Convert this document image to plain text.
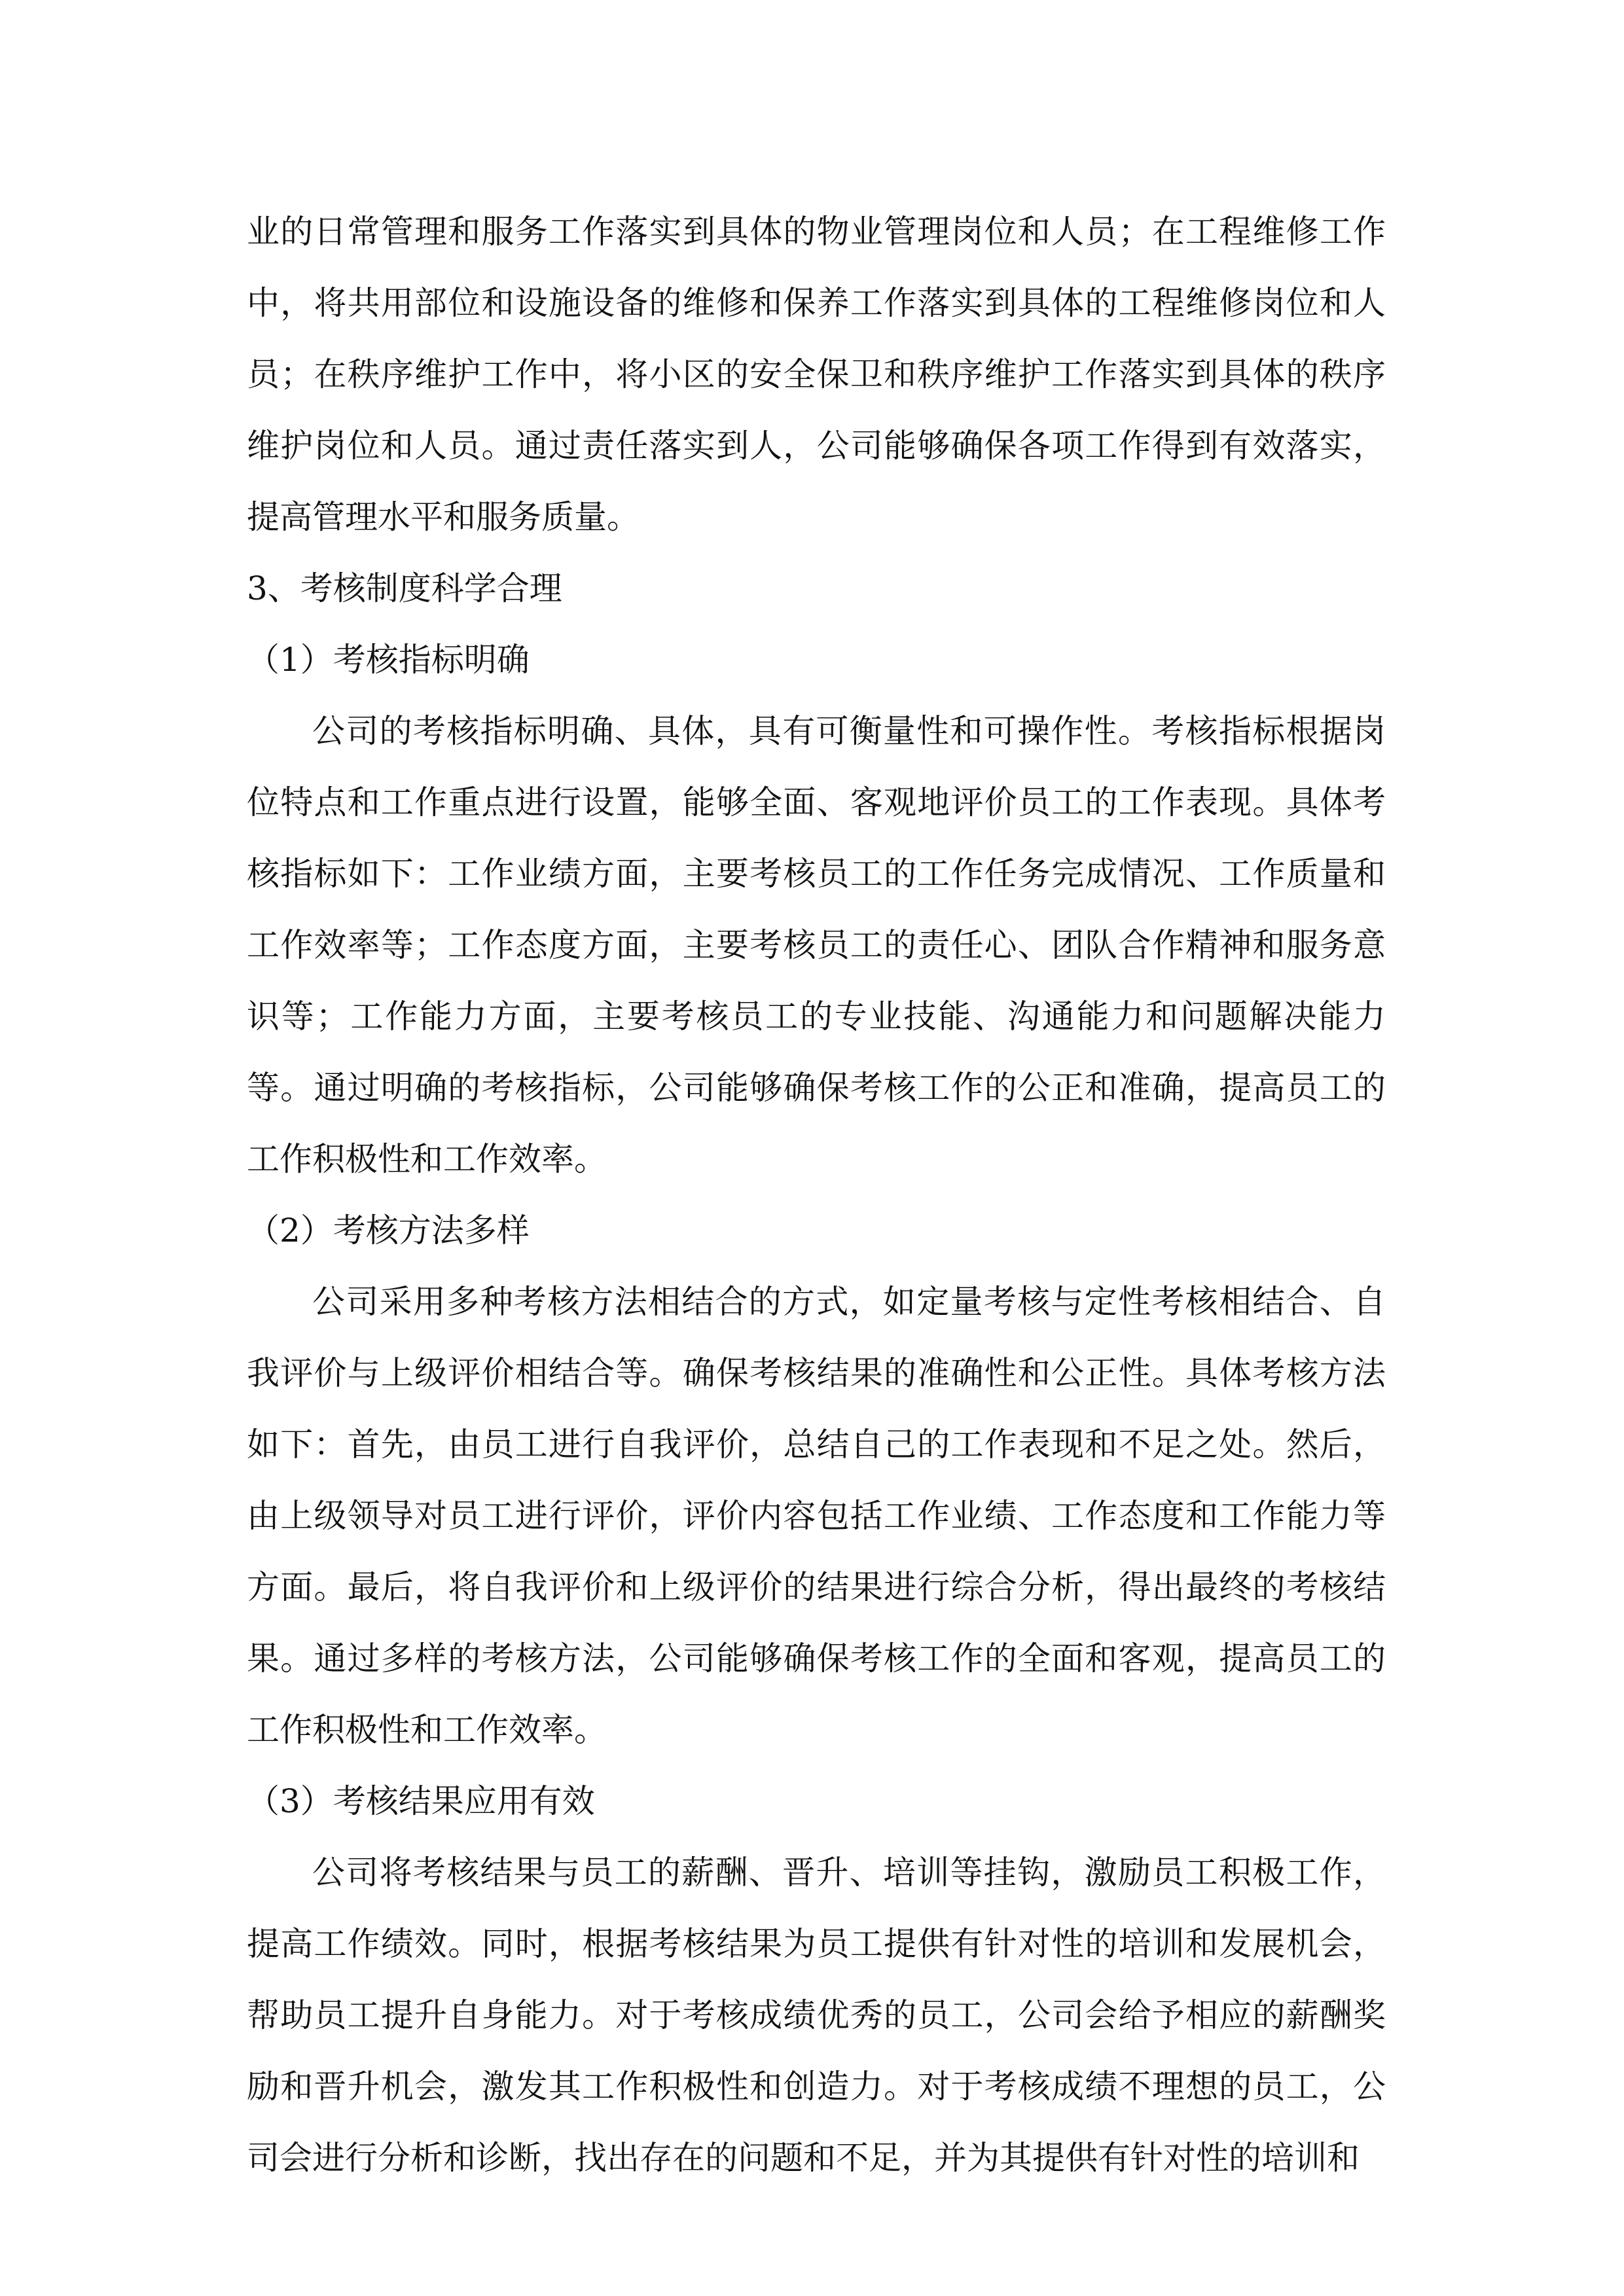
业的日常管理和服务工作落实到具体的物业管理岗位和人员；在工程维修工作中，将共用部位和设施设备的维修和保养工作落实到具体的工程维修岗位和人员；在秩序维护工作中，将小区的安全保卫和秩序维护工作落实到具体的秩序维护岗位和人员。通过责任落实到人，公司能够确保各项工作得到有效落实，提高管理水平和服务质量。

3、考核制度科学合理

（1）考核指标明确

公司的考核指标明确、具体，具有可衡量性和可操作性。考核指标根据岗位特点和工作重点进行设置，能够全面、客观地评价员工的工作表现。具体考核指标如下：工作业绩方面，主要考核员工的工作任务完成情况、工作质量和工作效率等；工作态度方面，主要考核员工的责任心、团队合作精神和服务意识等；工作能力方面，主要考核员工的专业技能、沟通能力和问题解决能力等。通过明确的考核指标，公司能够确保考核工作的公正和准确，提高员工的工作积极性和工作效率。

（2）考核方法多样

公司采用多种考核方法相结合的方式，如定量考核与定性考核相结合、自我评价与上级评价相结合等。确保考核结果的准确性和公正性。具体考核方法如下：首先，由员工进行自我评价，总结自己的工作表现和不足之处。然后，由上级领导对员工进行评价，评价内容包括工作业绩、工作态度和工作能力等方面。最后，将自我评价和上级评价的结果进行综合分析，得出最终的考核结果。通过多样的考核方法，公司能够确保考核工作的全面和客观，提高员工的工作积极性和工作效率。

（3）考核结果应用有效

公司将考核结果与员工的薪酬、晋升、培训等挂钩，激励员工积极工作，提高工作绩效。同时，根据考核结果为员工提供有针对性的培训和发展机会，帮助员工提升自身能力。对于考核成绩优秀的员工，公司会给予相应的薪酬奖励和晋升机会，激发其工作积极性和创造力。对于考核成绩不理想的员工，公司会进行分析和诊断，找出存在的问题和不足，并为其提供有针对性的培训和
